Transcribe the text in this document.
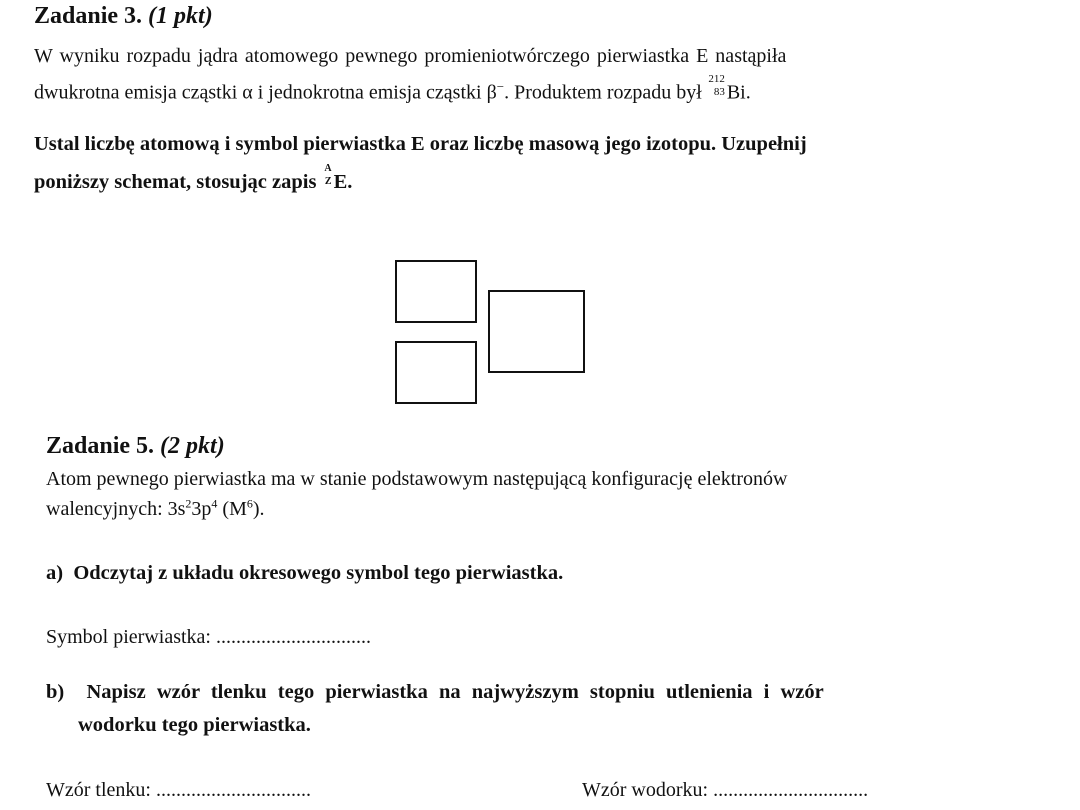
Zadanie 3. (1 pkt)

W wyniku rozpadu jądra atomowego pewnego promieniotwórczego pierwiastka E nastąpiła

dwukrotna emisja cząstki α i jednokrotna emisja cząstki β−. Produktem rozpadu był
212
83 Bi.

Ustal liczbę atomową i symbol pierwiastka E oraz liczbę masową jego izotopu. Uzupełnij

poniższy schemat, stosując zapis
A
Z E.

Zadanie 5. (2 pkt)

Atom pewnego pierwiastka ma w stanie podstawowym następującą konfigurację elektronów

walencyjnych: $3s^23p^4$ $(M^6)$.

a)  Odczytaj z układu okresowego symbol tego pierwiastka.

Symbol pierwiastka: ...............................

b)  Napisz wzór tlenku tego pierwiastka na najwyższym stopniu utlenienia i wzór

wodorku tego pierwiastka.

Wzór tlenku: ...............................	Wzór wodorku: ...............................
